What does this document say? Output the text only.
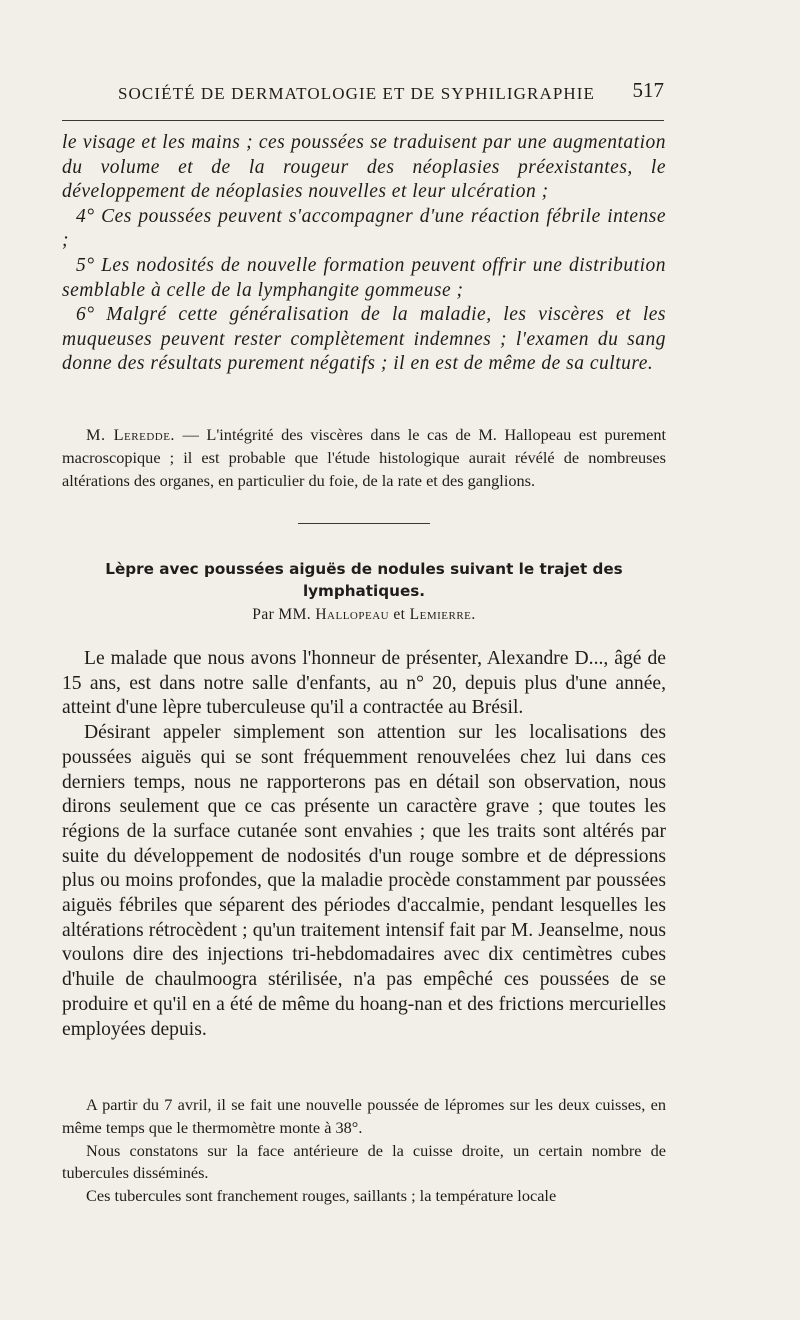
SOCIÉTÉ DE DERMATOLOGIE ET DE SYPHILIGRAPHIE 517

le visage et les mains ; ces poussées se traduisent par une augmentation du volume et de la rougeur des néoplasies préexistantes, le développement de néoplasies nouvelles et leur ulcération ;

4° Ces poussées peuvent s'accompagner d'une réaction fébrile intense ;

5° Les nodosités de nouvelle formation peuvent offrir une distribution semblable à celle de la lymphangite gommeuse ;

6° Malgré cette généralisation de la maladie, les viscères et les muqueuses peuvent rester complètement indemnes ; l'examen du sang donne des résultats purement négatifs ; il en est de même de sa culture.

M. Leredde. — L'intégrité des viscères dans le cas de M. Hallopeau est purement macroscopique ; il est probable que l'étude histologique aurait révélé de nombreuses altérations des organes, en particulier du foie, de la rate et des ganglions.

Lèpre avec poussées aiguës de nodules suivant le trajet des lymphatiques.
Par MM. Hallopeau et Lemierre.

Le malade que nous avons l'honneur de présenter, Alexandre D..., âgé de 15 ans, est dans notre salle d'enfants, au n° 20, depuis plus d'une année, atteint d'une lèpre tuberculeuse qu'il a contractée au Brésil.

Désirant appeler simplement son attention sur les localisations des poussées aiguës qui se sont fréquemment renouvelées chez lui dans ces derniers temps, nous ne rapporterons pas en détail son observation, nous dirons seulement que ce cas présente un caractère grave ; que toutes les régions de la surface cutanée sont envahies ; que les traits sont altérés par suite du développement de nodosités d'un rouge sombre et de dépressions plus ou moins profondes, que la maladie procède constamment par poussées aiguës fébriles que séparent des périodes d'accalmie, pendant lesquelles les altérations rétrocèdent ; qu'un traitement intensif fait par M. Jeanselme, nous voulons dire des injections tri-hebdomadaires avec dix centimètres cubes d'huile de chaulmoogra stérilisée, n'a pas empêché ces poussées de se produire et qu'il en a été de même du hoang-nan et des frictions mercurielles employées depuis.

A partir du 7 avril, il se fait une nouvelle poussée de lépromes sur les deux cuisses, en même temps que le thermomètre monte à 38°.

Nous constatons sur la face antérieure de la cuisse droite, un certain nombre de tubercules disséminés.

Ces tubercules sont franchement rouges, saillants ; la température locale
